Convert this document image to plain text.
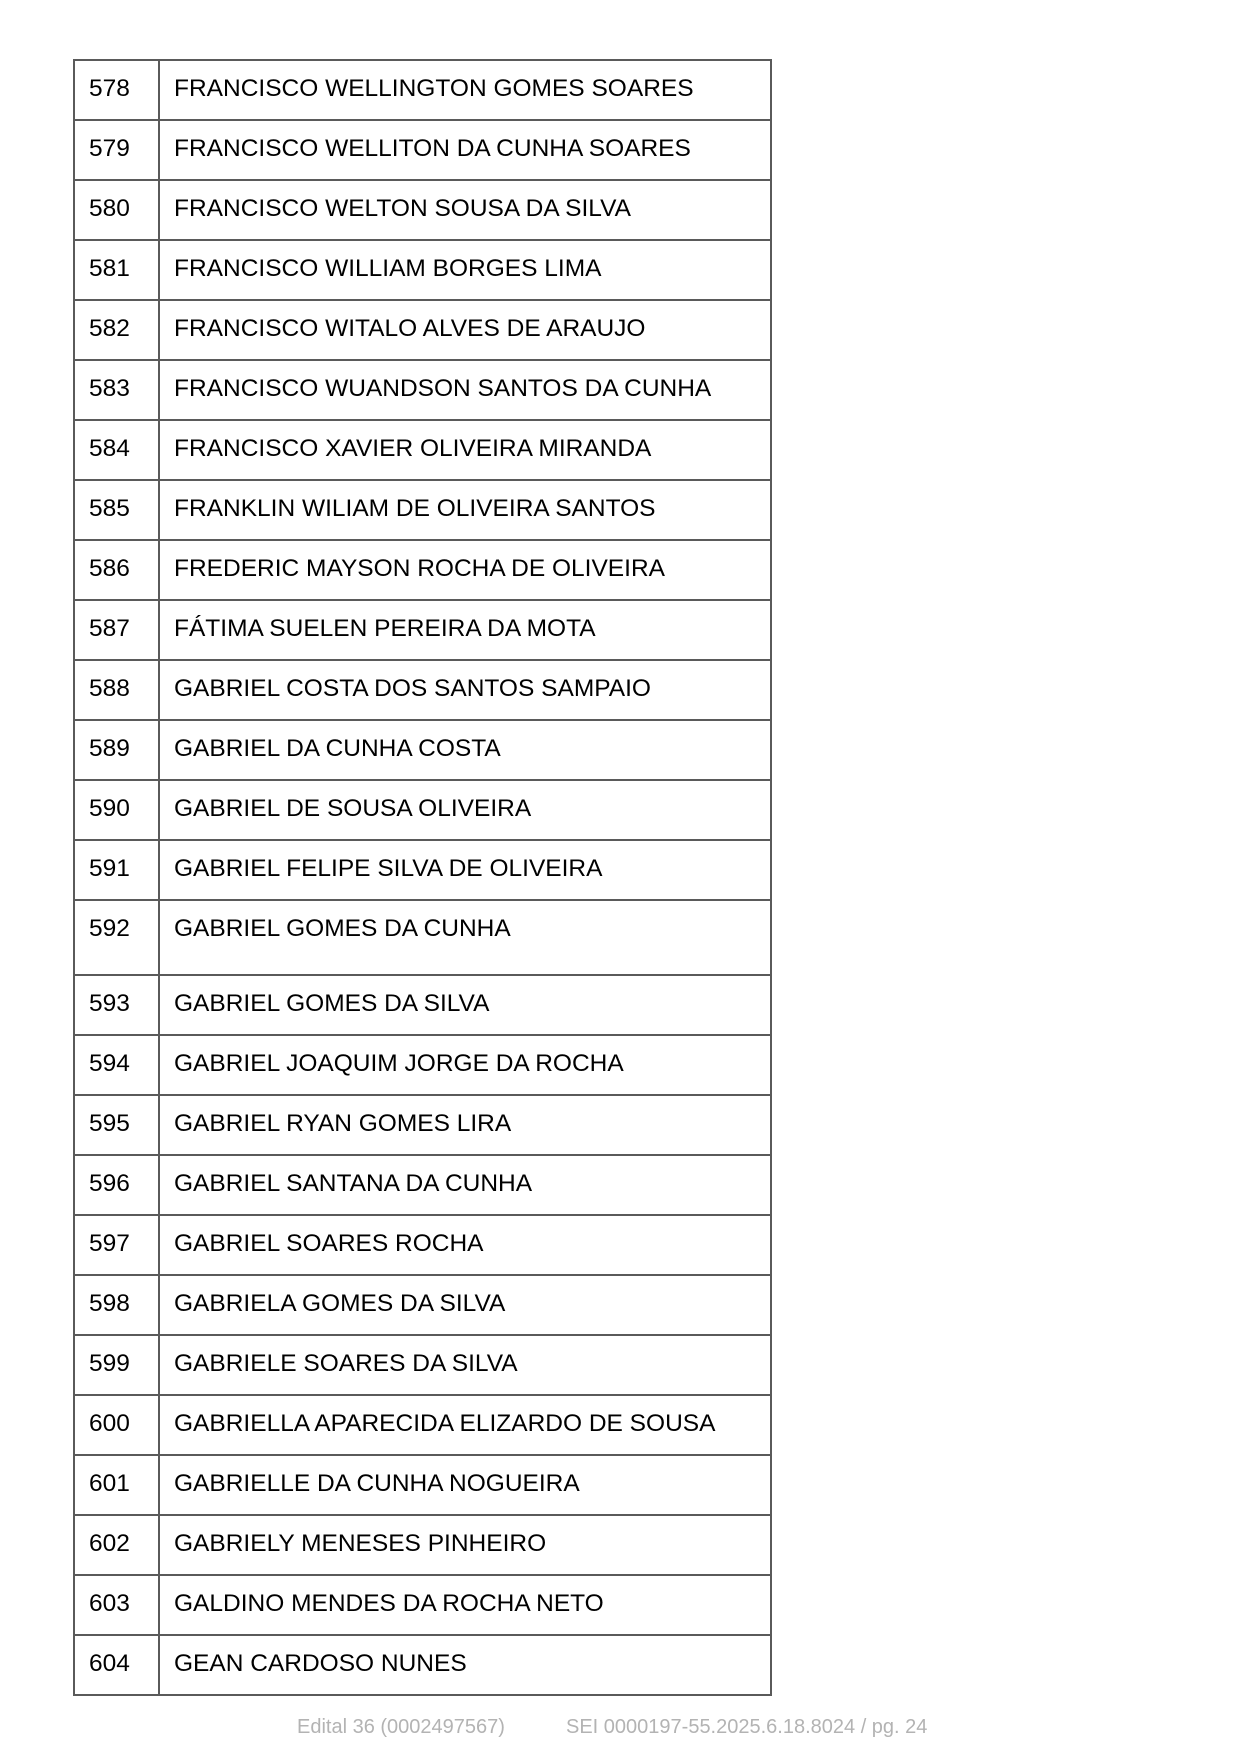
578	FRANCISCO WELLINGTON GOMES SOARES
579	FRANCISCO WELLITON DA CUNHA SOARES
580	FRANCISCO WELTON SOUSA DA SILVA
581	FRANCISCO WILLIAM BORGES LIMA
582	FRANCISCO WITALO ALVES DE ARAUJO
583	FRANCISCO WUANDSON SANTOS DA CUNHA
584	FRANCISCO XAVIER OLIVEIRA MIRANDA
585	FRANKLIN WILIAM DE OLIVEIRA SANTOS
586	FREDERIC MAYSON ROCHA DE OLIVEIRA
587	FÁTIMA SUELEN PEREIRA DA MOTA
588	GABRIEL COSTA DOS SANTOS SAMPAIO
589	GABRIEL DA CUNHA COSTA
590	GABRIEL DE SOUSA OLIVEIRA
591	GABRIEL FELIPE SILVA DE OLIVEIRA
592	GABRIEL GOMES DA CUNHA
593	GABRIEL GOMES DA SILVA
594	GABRIEL JOAQUIM JORGE DA ROCHA
595	GABRIEL RYAN GOMES LIRA
596	GABRIEL SANTANA DA CUNHA
597	GABRIEL SOARES ROCHA
598	GABRIELA GOMES DA SILVA
599	GABRIELE SOARES DA SILVA
600	GABRIELLA APARECIDA ELIZARDO DE SOUSA
601	GABRIELLE DA CUNHA NOGUEIRA
602	GABRIELY MENESES PINHEIRO
603	GALDINO MENDES DA ROCHA NETO
604	GEAN CARDOSO NUNES
Edital 36 (0002497567)	SEI 0000197-55.2025.6.18.8024 / pg. 24
